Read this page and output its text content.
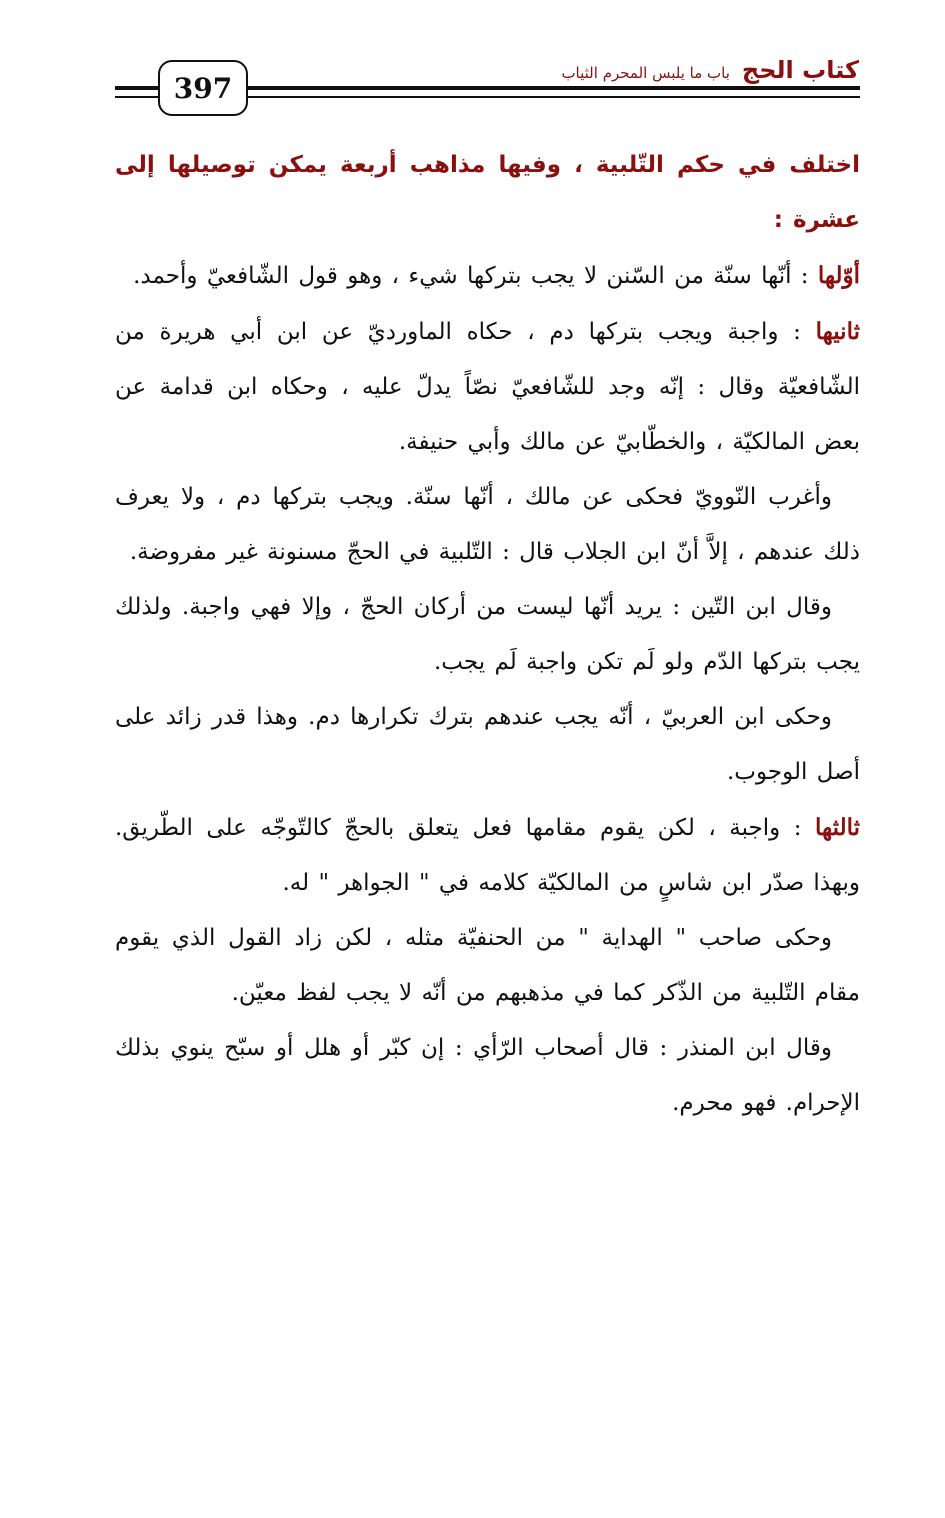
397
كتاب الحج
باب ما يلبس المحرم الثياب

اختلف في حكم التّلبية ، وفيها مذاهب أربعة يمكن توصيلها إلى عشرة :

أوّلها : أنّها سنّة من السّنن لا يجب بتركها شيء ، وهو قول الشّافعيّ وأحمد.

ثانيها : واجبة ويجب بتركها دم ، حكاه الماورديّ عن ابن أبي هريرة من الشّافعيّة وقال : إنّه وجد للشّافعيّ نصّاً يدلّ عليه ، وحكاه ابن قدامة عن بعض المالكيّة ، والخطّابيّ عن مالك وأبي حنيفة.

وأغرب النّوويّ فحكى عن مالك ، أنّها سنّة. ويجب بتركها دم ، ولا يعرف ذلك عندهم ، إلاَّ أنّ ابن الجلاب قال : التّلبية في الحجّ مسنونة غير مفروضة.

وقال ابن التّين : يريد أنّها ليست من أركان الحجّ ، وإلا فهي واجبة. ولذلك يجب بتركها الدّم ولو لَم تكن واجبة لَم يجب.

وحكى ابن العربيّ ، أنّه يجب عندهم بترك تكرارها دم. وهذا قدر زائد على أصل الوجوب.

ثالثها : واجبة ، لكن يقوم مقامها فعل يتعلق بالحجّ كالتّوجّه على الطّريق. وبهذا صدّر ابن شاسٍ من المالكيّة كلامه في " الجواهر " له.

وحكى صاحب " الهداية " من الحنفيّة مثله ، لكن زاد القول الذي يقوم مقام التّلبية من الذّكر كما في مذهبهم من أنّه لا يجب لفظ معيّن.

وقال ابن المنذر : قال أصحاب الرّأي : إن كبّر أو هلل أو سبّح ينوي بذلك الإحرام. فهو محرم.
